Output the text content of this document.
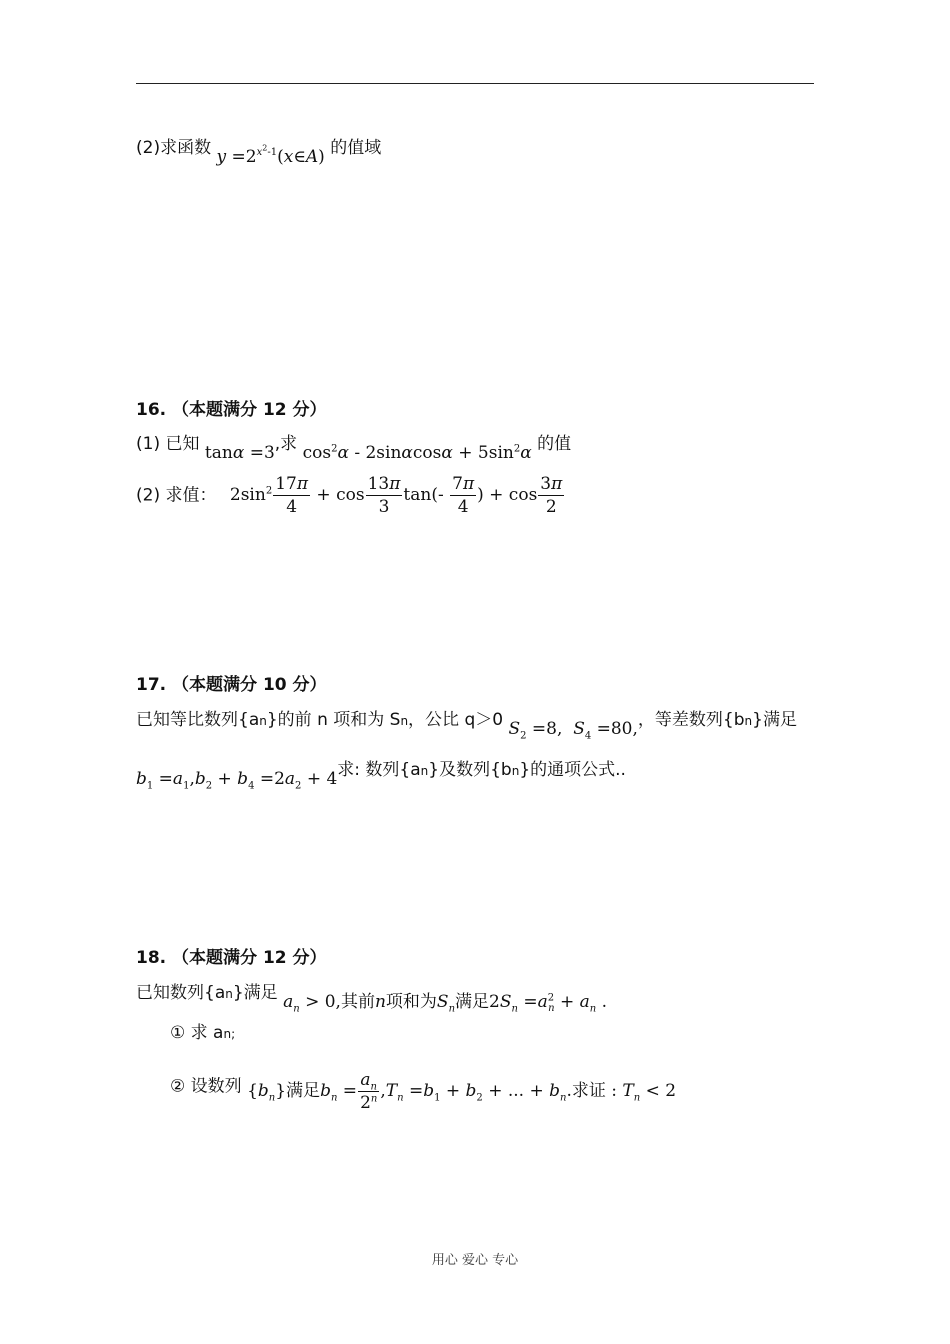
(2)求函数 $y =2^{x^2-1}(x\in A)$ 的值域
16. （本题满分 12 分）
(1) 已知 tanα =3,求 $\cos^2\alpha - 2\sin\alpha\cos\alpha + 5\sin^2\alpha$ 的值
(2) 求值： $2\sin^2 \frac{17\pi}{4} + \cos \frac{13\pi}{3} \tan(- \frac{7\pi}{4}$ ) + $\cos \frac{3\pi}{2}$
17. （本题满分 10 分）
已知等比数列{an}的前 n 项和为 Sn，公比 q＞0 $S_2 =8$,  $S_4 =80$,，等差数列{bn}满足
$b_1 =a_1,b_2 + b_4 =2a_2 + 4$求: 数列{an}及数列{bn}的通项公式..
18. （本题满分 12 分）
已知数列{an}满足 $a_n > 0$,其前n项和为$S_n$满足$2S_n =a^2_n + a_n$ .
① 求 an;
② 设数列 $\{b_n\}$满足$b_n = \frac{a_n}{2^n} ,T_n =b_1 + b_2$ + ... + $b_n$.求证 : $T_n < 2$
用心 爱心 专心
